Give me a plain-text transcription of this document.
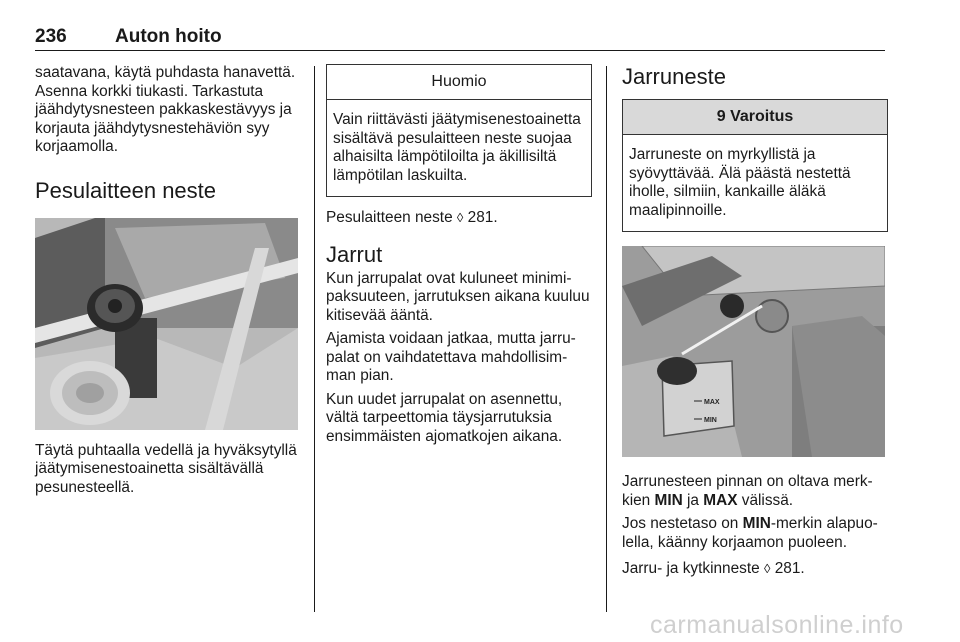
236	Auton hoito

saatavana, käytä puhdasta hanavettä. Asenna korkki tiukasti. Tarkastuta jäähdytysnesteen pakkaskestävyys ja korjauta jäähdytysnestehäviön syy korjaamolla.

Pesulaitteen neste

Täytä puhtaalla vedellä ja hyväksytyllä jäätymisenestoainetta sisältävällä pesunesteellä.

Huomio
Vain riittävästi jäätymisenestoainetta sisältävä pesulaitteen neste suojaa alhaisilta lämpötiloilta ja äkillisiltä lämpötilan laskuilta.

Pesulaitteen neste ◊ 281.

Jarrut

Kun jarrupalat ovat kuluneet minimipaksuuteen, jarrutuksen aikana kuuluu kitisevää ääntä.

Ajamista voidaan jatkaa, mutta jarrupalat on vaihdatettava mahdollisimman pian.

Kun uudet jarrupalat on asennettu, vältä tarpeettomia täysjarrutuksia ensimmäisten ajomatkojen aikana.

Jarruneste
9 Varoitus
Jarruneste on myrkyllistä ja syövyttävää. Älä päästä nestettä iholle, silmiin, kankaille äläkä maalipinnoille.
MAX
MIN

Jarrunesteen pinnan on oltava merkkien MIN ja MAX välissä.

Jos nestetaso on MIN-merkin alapuolella, käänny korjaamon puoleen.

Jarru- ja kytkinneste ◊ 281.

carmanualsonline.info
